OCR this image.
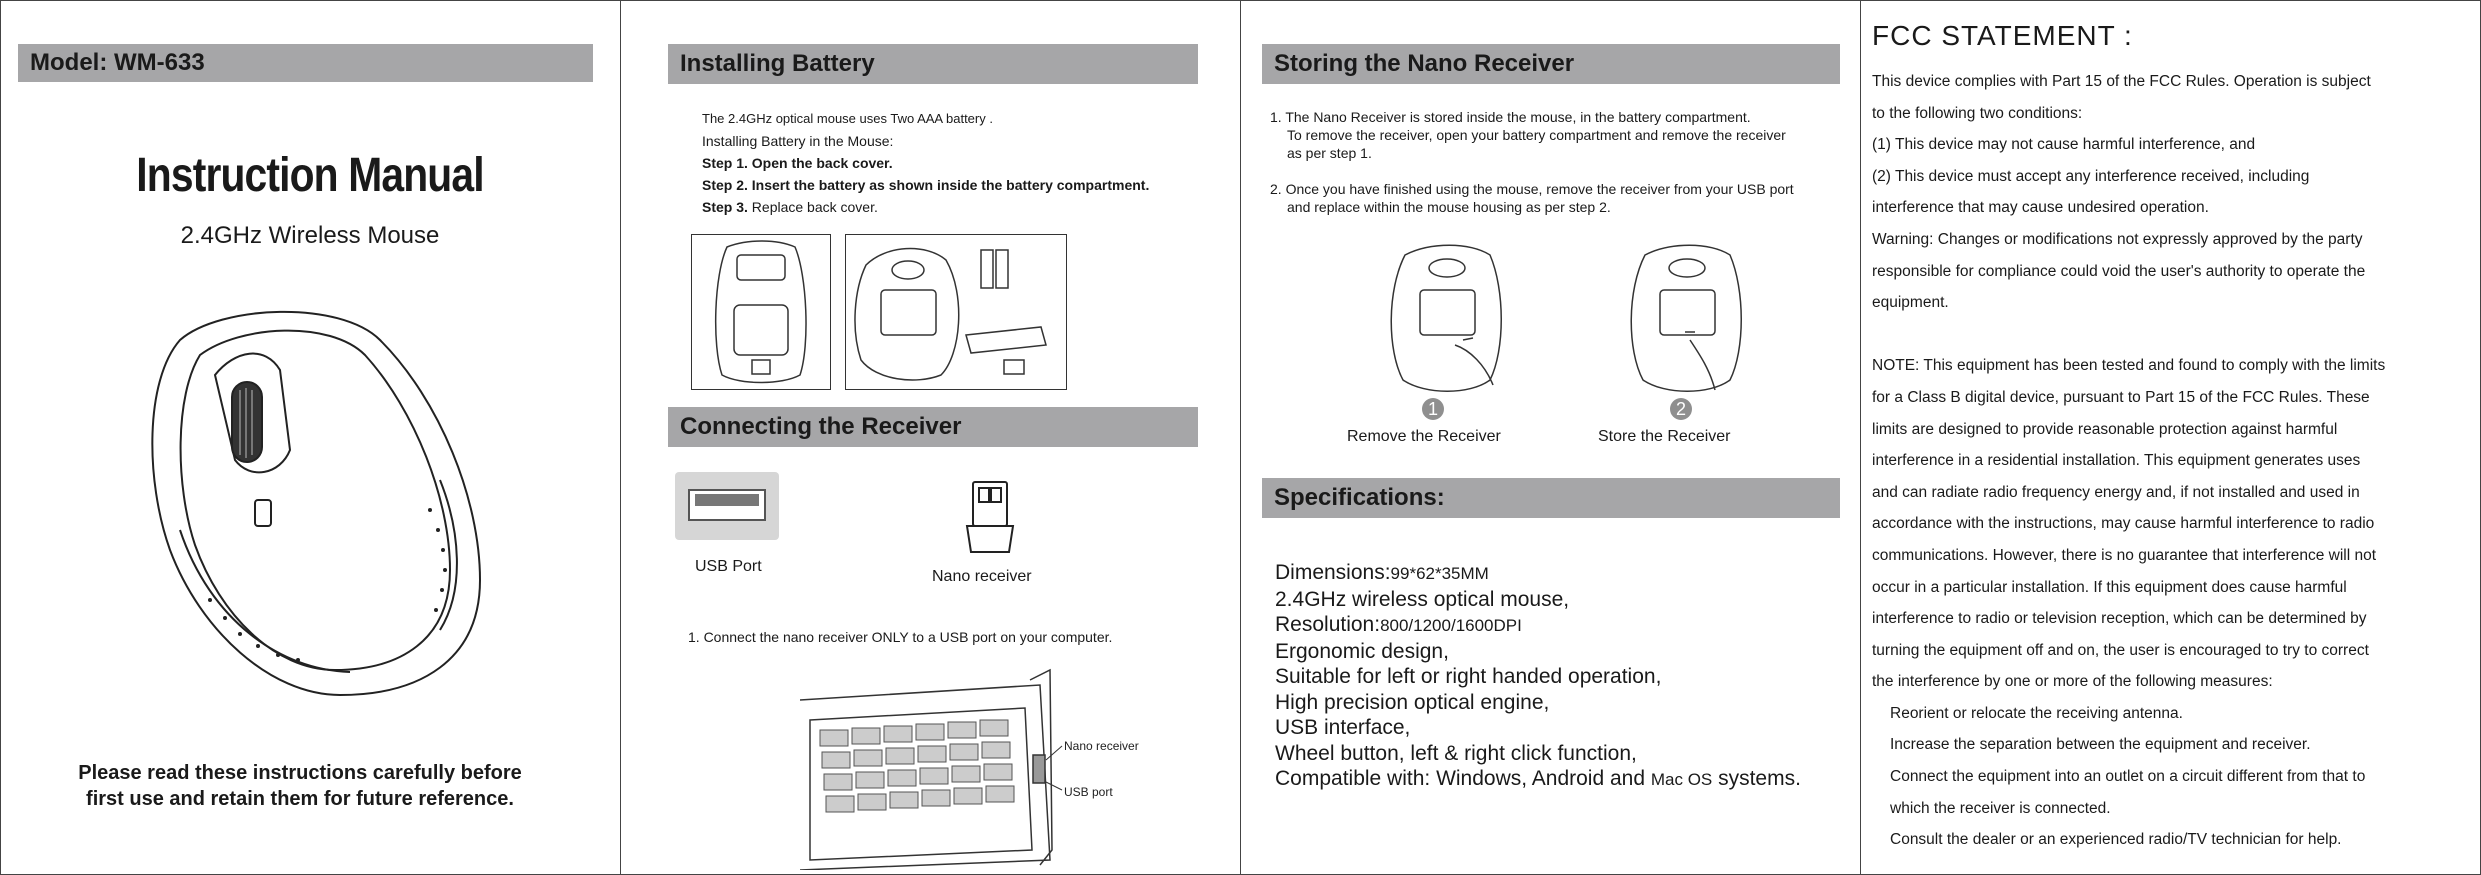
Model: WM-633
Instruction Manual
2.4GHz Wireless Mouse
Please read these instructions carefully before
first use and retain them for future reference.
Installing Battery
The 2.4GHz optical mouse uses Two AAA battery .
Installing Battery in the Mouse:
Step 1. Open the back cover.
Step 2. Insert the battery as shown inside the battery compartment.
Step 3. Replace back cover.
Connecting the Receiver
USB Port
Nano receiver
1. Connect the nano receiver ONLY to a USB port on your computer.
Nano receiver
USB port
Storing the Nano Receiver

1. The Nano Receiver is stored inside the mouse, in the battery compartment.
To remove the receiver, open your battery compartment and remove the receiver
as per step 1.

2. Once you have finished using the mouse, remove the receiver from your USB port
and replace within the mouse housing as per step 2.

1
Remove the Receiver
2
Store the Receiver
Specifications:
Dimensions:99*62*35MM
2.4GHz wireless optical mouse,
Resolution:800/1200/1600DPI
Ergonomic design,
Suitable for left or right handed operation,
High precision optical engine,
USB interface,
Wheel button, left & right click function,
Compatible with: Windows, Android and Mac OS systems.
FCC STATEMENT :
This device complies with Part 15 of the FCC Rules. Operation is subject
to the following two conditions:
(1) This device may not cause harmful interference, and
(2) This device must accept any interference received, including
interference that may cause undesired operation.
Warning: Changes or modifications not expressly approved by the party
responsible for compliance could void the user's authority to operate the
equipment.
NOTE: This equipment has been tested and found to comply with the limits
for a Class B digital device, pursuant to Part 15 of the FCC Rules. These
limits are designed to provide reasonable protection against harmful
interference in a residential installation. This equipment generates uses
and can radiate radio frequency energy and, if not installed and used in
accordance with the instructions, may cause harmful interference to radio
communications. However, there is no guarantee that interference will not
occur in a particular installation. If this equipment does cause harmful
interference to radio or television reception, which can be determined by
turning the equipment off and on, the user is encouraged to try to correct
the interference by one or more of the following measures:
Reorient or relocate the receiving antenna.
Increase the separation between the equipment and receiver.
Connect the equipment into an outlet on a circuit different from that to
which the receiver is connected.
Consult the dealer or an experienced radio/TV technician for help.
